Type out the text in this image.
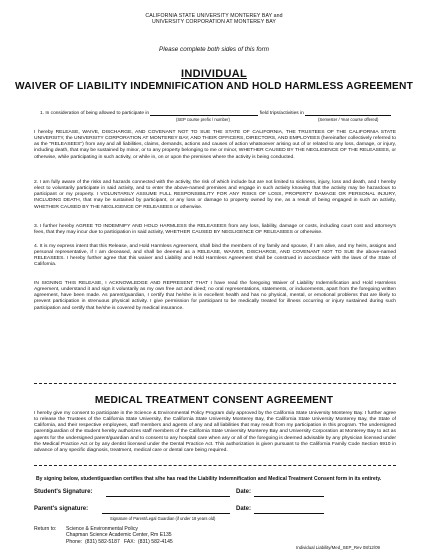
CALIFORNIA STATE UNIVERSITY MONTEREY BAY and
UNIVERSITY CORPORATION AT MONTEREY BAY
Please complete both sides of this form
INDIVIDUAL
WAIVER OF LIABILITY INDEMNIFICATION AND HOLD HARMLESS AGREEMENT
1. In consideration of being allowed to participate in	field trips/activities in
(SEP course prefix / number)	(Semester / Year course offered)
I hereby RELEASE, WAIVE, DISCHARGE, AND COVENANT NOT TO SUE THE STATE OF CALIFORNIA, THE TRUSTEES OF THE CALIFORNIA STATE UNIVERSITY, the UNIVERSITY CORPORATION AT MONTEREY BAY, AND THEIR OFFICERS, DIRECTORS, AND EMPLOYEES (hereinafter collectively referred to as the "RELEASEES") from any and all liabilities, claims, demands, actions and causes of action whatsoever arising out of or related to any loss, damage, or injury, including death, that may be sustained by minor, or to any property belonging to me or minor, WHETHER CAUSED BY THE NEGLIGENCE OF THE RELEASEES, or otherwise, while participating in such activity, or while in, on or upon the premises where the activity is being conducted.
2. I am fully aware of the risks and hazards connected with the activity, the risk of which include but are not limited to sickness, injury, loss and death, and I hereby elect to voluntarily participate in said activity, and to enter the above-named premises and engage in such activity knowing that the activity may be hazardous to participant or my property. I VOLUNTARILY ASSUME FULL RESPONSIBILITY FOR ANY RISKS OF LOSS, PROPERTY DAMAGE OR PERSONAL INJURY, INCLUDING DEATH, that may be sustained by participant, or any loss or damage to property owned by me, as a result of being engaged in such an activity, WHETHER CAUSED BY THE NEGLIGENCE OF RELEASEES or otherwise.
3. I further hereby AGREE TO INDEMNIFY AND HOLD HARMLESS the RELEASEES from any loss, liability, damage or costs, including court cost and attorney's fees, that they may incur due to participation in said activity, WHETHER CAUSED BY NEGLIGENCE OF RELEASEES or otherwise.
4. It is my express intent that this Release, and Hold Harmless Agreement, shall bind the members of my family and spouse, if I am alive, and my heirs, assigns and personal representative, if I am deceased, and shall be deemed as a RELEASE, WAIVER, DISCHARGE, AND COVENANT NOT TO SUE the above-named RELEASEES. I hereby further agree that this waiver and Liability and Hold Harmless Agreement shall be construed in accordance with the laws of the State of California.
IN SIGNING THIS RELEASE, I ACKNOWLEDGE AND REPRESENT THAT I have read the foregoing Waiver of Liability Indemnification and Hold Harmless Agreement, understand it and sign it voluntarily as my own free act and deed; no oral representations, statements, or inducements, apart from the foregoing written agreement, have been made. As parent/guardian, I certify that he/she is in excellent health and has no physical, mental, or emotional problems that are likely to prevent participation in strenuous physical activity. I give permission for participant to be medically treated for illness occurring or injury sustained during such participation and certify that he/she is covered by medical insurance.
MEDICAL TREATMENT CONSENT AGREEMENT
I hereby give my consent to participate in the Science & Environmental Policy Program duly approved by the California State University Monterey Bay. I further agree to release the Trustees of the California State University, the California State University Monterey Bay, the California State University Monterey Bay, the State of California, and their respective employees, staff members and agents of any and all liabilities that may result from my participation in this program. The undersigned parent/guardian of the student hereby authorizes staff members of the California State University Monterey Bay and University Corporation at Monterey Bay to act as agents for the undersigned parent/guardian and to consent to any hospital care when any or all of the foregoing is deemed advisable by any physician licensed under the Medical Practice Act or by any dentist licensed under the Dental Practice Act. This authorization is given pursuant to the California Family Code Section 6910 in advance of any specific diagnosis, treatment, medical care or dental care being required.
By signing below, student/guardian certifies that s/he has read the Liability Indemnification and Medical Treatment Consent form in its entirety.
Student's Signature:	Date:
Parent's signature:	Date:
Signature of Parent/Legal Guardian (if under 18 years old)
Return to: Science & Environmental Policy
Chapman Science Academic Center, Rm E135
Phone:  (831) 582-5187   FAX:  (831) 582-4145
Individual Liability/Med_SEP_Rev 08/12/09
